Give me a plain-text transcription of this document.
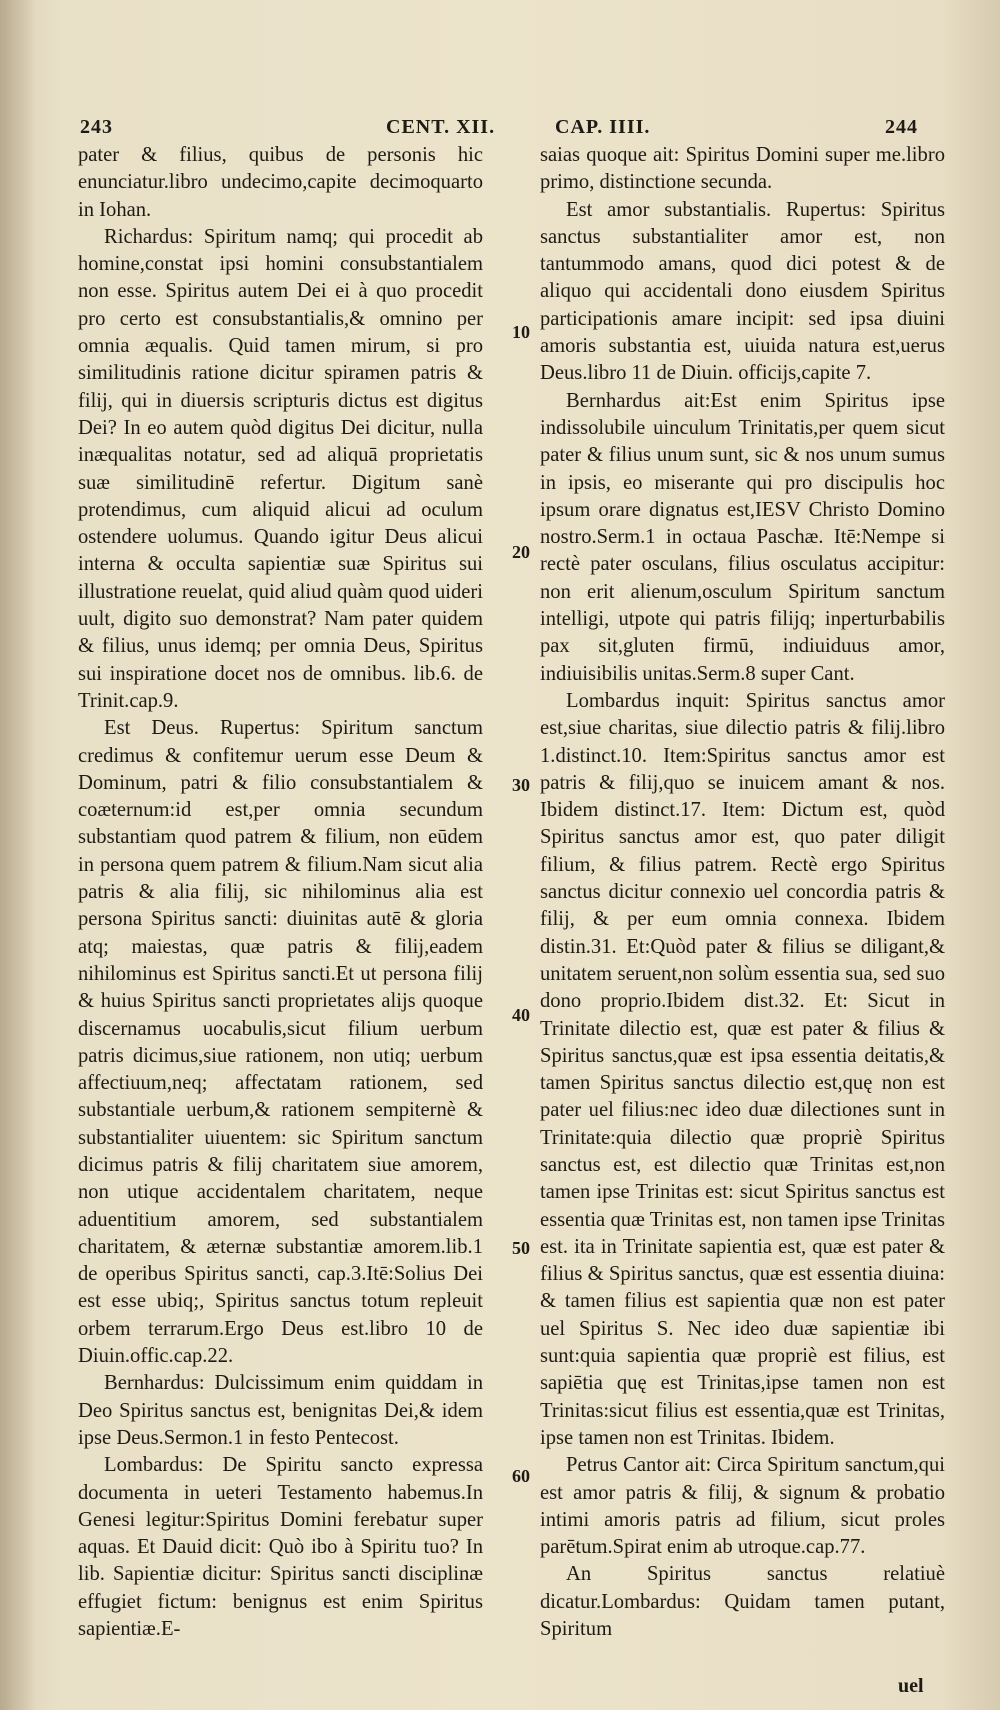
243	CENT. XII.	CAP. IIII.	244

pater & filius, quibus de personis hic enunciatur.libro undecimo,capite decimoquarto in Iohan.

Richardus: Spiritum namq; qui procedit ab homine,constat ipsi homini consubstantialem non esse. Spiritus autem Dei ei à quo procedit pro certo est consubstantialis,& omnino per omnia æqualis. Quid tamen mirum, si pro similitudinis ratione dicitur spiramen patris & filij, qui in diuersis scripturis dictus est digitus Dei? In eo autem quòd digitus Dei dicitur, nulla inæqualitas notatur, sed ad aliquā proprietatis suæ similitudinē refertur. Digitum sanè protendimus, cum aliquid alicui ad oculum ostendere uolumus. Quando igitur Deus alicui interna & occulta sapientiæ suæ Spiritus sui illustratione reuelat, quid aliud quàm quod uideri uult, digito suo demonstrat? Nam pater quidem & filius, unus idemq; per omnia Deus, Spiritus sui inspiratione docet nos de omnibus. lib.6. de Trinit.cap.9.

Est Deus. Rupertus: Spiritum sanctum credimus & confitemur uerum esse Deum & Dominum, patri & filio consubstantialem & coæternum:id est,per omnia secundum substantiam quod patrem & filium, non eūdem in persona quem patrem & filium.Nam sicut alia patris & alia filij, sic nihilominus alia est persona Spiritus sancti: diuinitas autē & gloria atq; maiestas, quæ patris & filij,eadem nihilominus est Spiritus sancti.Et ut persona filij & huius Spiritus sancti proprietates alijs quoque discernamus uocabulis,sicut filium uerbum patris dicimus,siue rationem, non utiq; uerbum affectiuum,neq; affectatam rationem, sed substantiale uerbum,& rationem sempiternè & substantialiter uiuentem: sic Spiritum sanctum dicimus patris & filij charitatem siue amorem, non utique accidentalem charitatem, neque aduentitium amorem, sed substantialem charitatem, & æternæ substantiæ amorem.lib.1 de operibus Spiritus sancti, cap.3.Itē:Solius Dei est esse ubiq;, Spiritus sanctus totum repleuit orbem terrarum.Ergo Deus est.libro 10 de Diuin.offic.cap.22.

Bernhardus: Dulcissimum enim quiddam in Deo Spiritus sanctus est, benignitas Dei,& idem ipse Deus.Sermon.1 in festo Pentecost.

Lombardus: De Spiritu sancto expressa documenta in ueteri Testamento habemus.In Genesi legitur:Spiritus Domini ferebatur super aquas. Et Dauid dicit: Quò ibo à Spiritu tuo? In lib. Sapientiæ dicitur: Spiritus sancti disciplinæ effugiet fictum: benignus est enim Spiritus sapientiæ.E-

saias quoque ait: Spiritus Domini super me.libro primo, distinctione secunda.

Est amor substantialis. Rupertus: Spiritus sanctus substantialiter amor est, non tantummodo amans, quod dici potest & de aliquo qui accidentali dono eiusdem Spiritus participationis amare incipit: sed ipsa diuini amoris substantia est, uiuida natura est,uerus Deus.libro 11 de Diuin. officijs,capite 7.

Bernhardus ait:Est enim Spiritus ipse indissolubile uinculum Trinitatis,per quem sicut pater & filius unum sunt, sic & nos unum sumus in ipsis, eo miserante qui pro discipulis hoc ipsum orare dignatus est,IESV Christo Domino nostro.Serm.1 in octaua Paschæ. Itē:Nempe si rectè pater osculans, filius osculatus accipitur: non erit alienum,osculum Spiritum sanctum intelligi, utpote qui patris filijq; inperturbabilis pax sit,gluten firmū, indiuiduus amor, indiuisibilis unitas.Serm.8 super Cant.

Lombardus inquit: Spiritus sanctus amor est,siue charitas, siue dilectio patris & filij.libro 1.distinct.10. Item:Spiritus sanctus amor est patris & filij,quo se inuicem amant & nos. Ibidem distinct.17. Item: Dictum est, quòd Spiritus sanctus amor est, quo pater diligit filium, & filius patrem. Rectè ergo Spiritus sanctus dicitur connexio uel concordia patris & filij, & per eum omnia connexa. Ibidem distin.31. Et:Quòd pater & filius se diligant,& unitatem seruent,non solùm essentia sua, sed suo dono proprio.Ibidem dist.32. Et: Sicut in Trinitate dilectio est, quæ est pater & filius & Spiritus sanctus,quæ est ipsa essentia deitatis,& tamen Spiritus sanctus dilectio est,quę non est pater uel filius:nec ideo duæ dilectiones sunt in Trinitate:quia dilectio quæ propriè Spiritus sanctus est, est dilectio quæ Trinitas est,non tamen ipse Trinitas est: sicut Spiritus sanctus est essentia quæ Trinitas est, non tamen ipse Trinitas est. ita in Trinitate sapientia est, quæ est pater & filius & Spiritus sanctus, quæ est essentia diuina: & tamen filius est sapientia quæ non est pater uel Spiritus S. Nec ideo duæ sapientiæ ibi sunt:quia sapientia quæ propriè est filius, est sapiētia quę est Trinitas,ipse tamen non est Trinitas:sicut filius est essentia,quæ est Trinitas, ipse tamen non est Trinitas. Ibidem.

Petrus Cantor ait: Circa Spiritum sanctum,qui est amor patris & filij, & signum & probatio intimi amoris patris ad filium, sicut proles parētum.Spirat enim ab utroque.cap.77.

An Spiritus sanctus relatiuè dicatur.Lombardus: Quidam tamen putant, Spiritum

10
20
30
40
50
60
uel
